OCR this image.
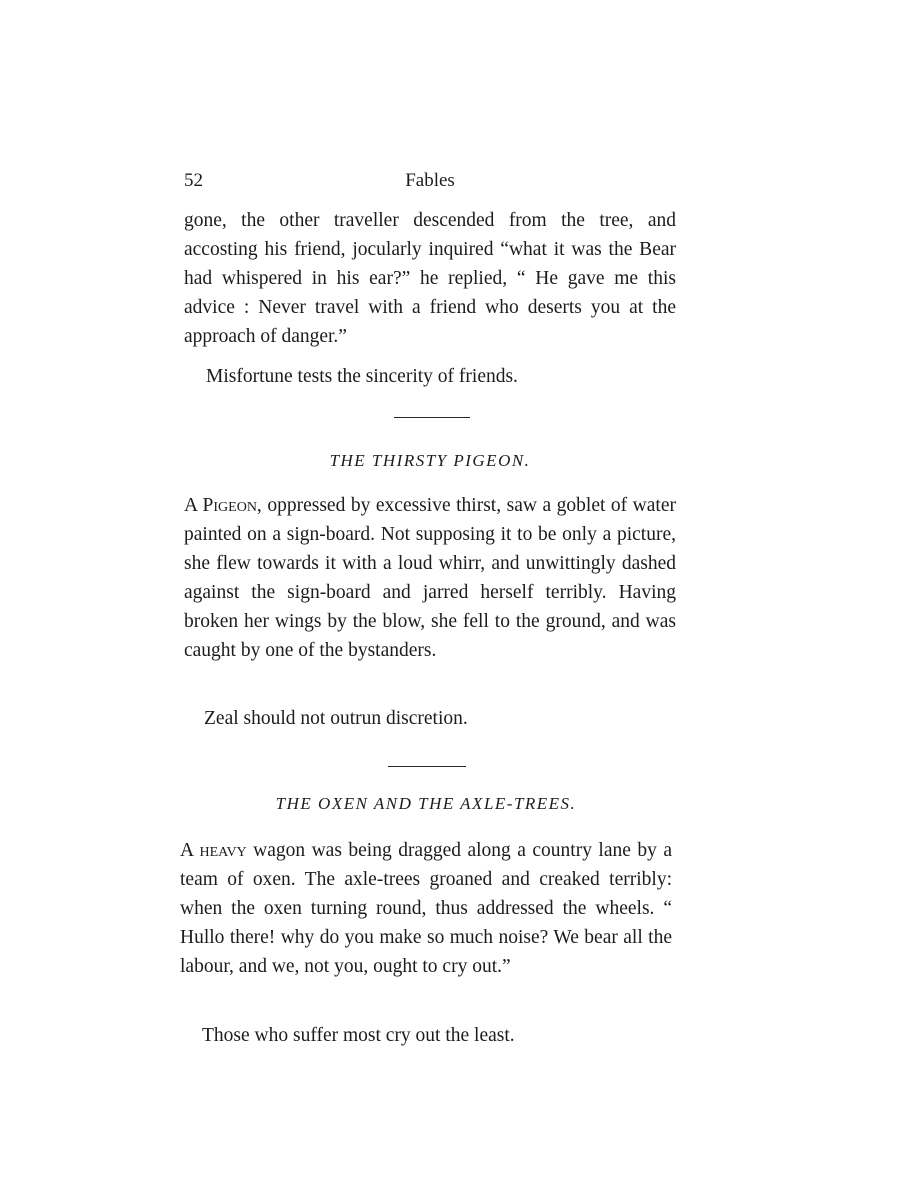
52	Fables

gone, the other traveller descended from the tree, and accosting his friend, jocularly inquired “what it was the Bear had whispered in his ear?” he replied, “ He gave me this advice : Never travel with a friend who deserts you at the approach of danger.”

Misfortune tests the sincerity of friends.
THE THIRSTY PIGEON.

A Pigeon, oppressed by excessive thirst, saw a goblet of water painted on a sign-board. Not supposing it to be only a picture, she flew towards it with a loud whirr, and unwittingly dashed against the sign-board and jarred herself terribly. Having broken her wings by the blow, she fell to the ground, and was caught by one of the bystanders.

Zeal should not outrun discretion.
THE OXEN AND THE AXLE-TREES.

A heavy wagon was being dragged along a country lane by a team of oxen. The axle-trees groaned and creaked terribly: when the oxen turning round, thus addressed the wheels. “ Hullo there! why do you make so much noise? We bear all the labour, and we, not you, ought to cry out.”

Those who suffer most cry out the least.
